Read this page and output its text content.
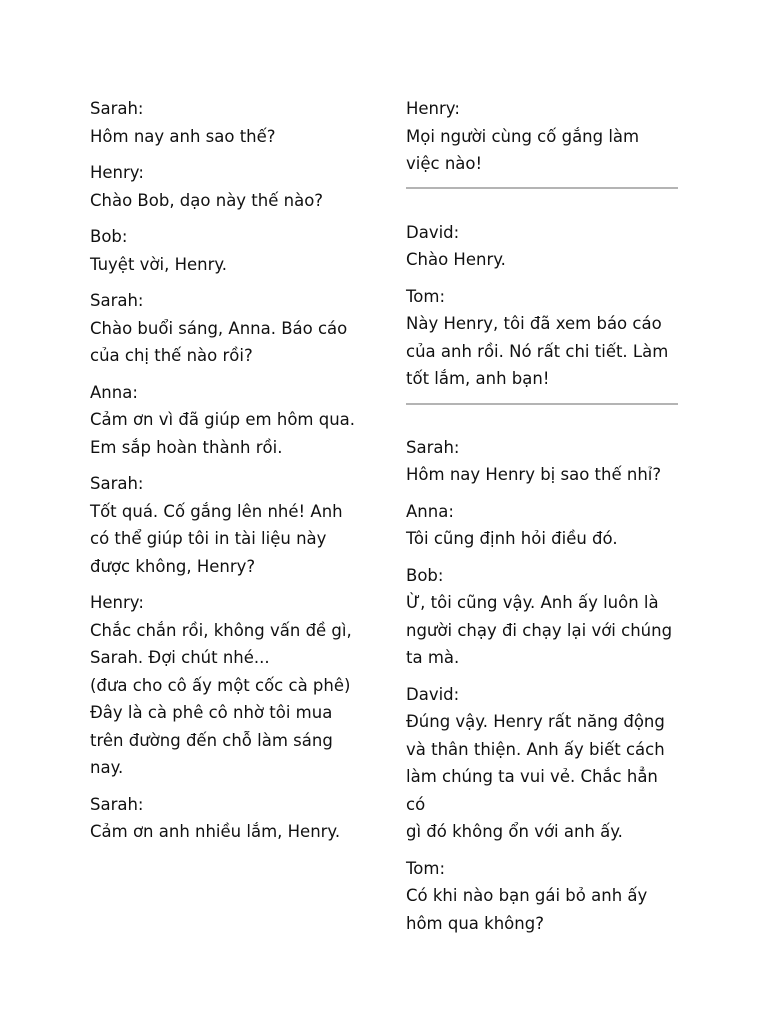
Sarah:
Hôm nay anh sao thế?
Henry:
Chào Bob, dạo này thế nào?
Bob:
Tuyệt vời, Henry.
Sarah:
Chào buổi sáng, Anna. Báo cáo
của chị thế nào rồi?
Anna:
Cảm ơn vì đã giúp em hôm qua.
Em sắp hoàn thành rồi.
Sarah:
Tốt quá. Cố gắng lên nhé! Anh
có thể giúp tôi in tài liệu này
được không, Henry?
Henry:
Chắc chắn rồi, không vấn đề gì,
Sarah. Đợi chút nhé...
(đưa cho cô ấy một cốc cà phê)
Đây là cà phê cô nhờ tôi mua
trên đường đến chỗ làm sáng
nay.
Sarah:
Cảm ơn anh nhiều lắm, Henry.
Henry:
Mọi người cùng cố gắng làm
việc nào!
David:
Chào Henry.
Tom:
Này Henry, tôi đã xem báo cáo
của anh rồi. Nó rất chi tiết. Làm
tốt lắm, anh bạn!
Sarah:
Hôm nay Henry bị sao thế nhỉ?
Anna:
Tôi cũng định hỏi điều đó.
Bob:
Ừ, tôi cũng vậy. Anh ấy luôn là
người chạy đi chạy lại với chúng
ta mà.
David:
Đúng vậy. Henry rất năng động
và thân thiện. Anh ấy biết cách
làm chúng ta vui vẻ. Chắc hẳn có
gì đó không ổn với anh ấy.
Tom:
Có khi nào bạn gái bỏ anh ấy
hôm qua không?
